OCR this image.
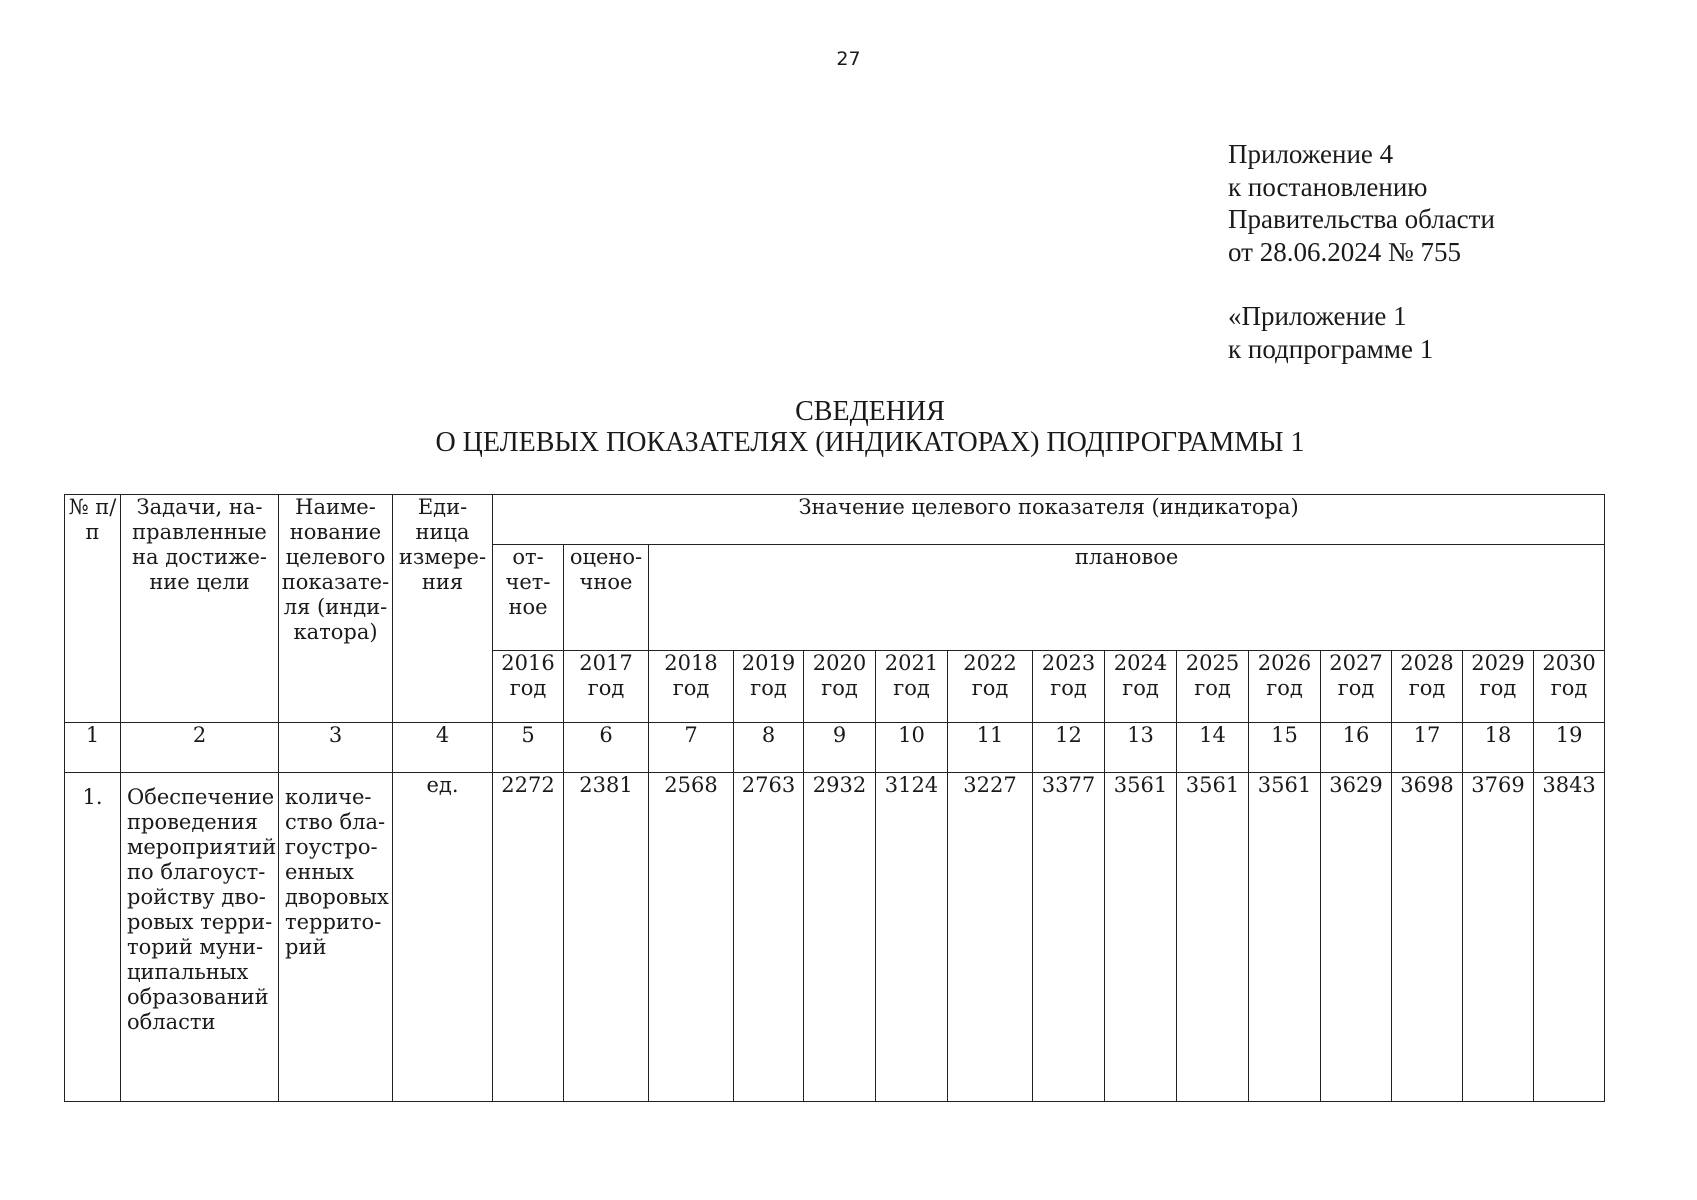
27
Приложение 4
к постановлению
Правительства области
от 28.06.2024 № 755
«Приложение 1
к подпрограмме 1
СВЕДЕНИЯ
О ЦЕЛЕВЫХ ПОКАЗАТЕЛЯХ (ИНДИКАТОРАХ) ПОДПРОГРАММЫ 1
№ п/п	Задачи, на-правленные на достиже-ние цели	Наиме-нование целевого показате-ля (инди-катора)	Еди-ница измере-ния	Значение целевого показателя (индикатора)														
				от-чет-ное	оцено-чное	плановое												
				2016 год	2017 год	2018 год	2019 год	2020 год	2021 год	2022 год	2023 год	2024 год	2025 год	2026 год	2027 год	2028 год	2029 год	2030 год
1	2	3	4	5	6	7	8	9	10	11	12	13	14	15	16	17	18	19
1.	Обеспечение проведения мероприятий по благоуст-ройству дво-ровых терри-торий муни-ципальных образований области	количе-ство бла-гоустро-енных дворовых террито-рий	ед.	2272	2381	2568	2763	2932	3124	3227	3377	3561	3561	3561	3629	3698	3769	3843
